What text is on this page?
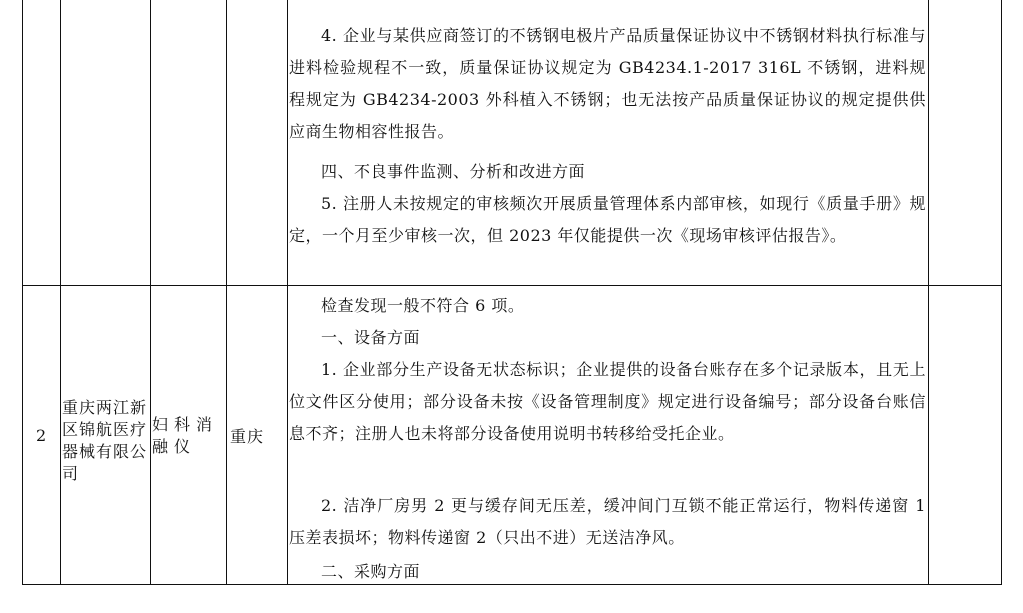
4. 企业与某供应商签订的不锈钢电极片产品质量保证协议中不锈钢材料执行标准与进料检验规程不一致，质量保证协议规定为 GB4234.1-2017 316L 不锈钢，进料规程规定为 GB4234-2003 外科植入不锈钢；也无法按产品质量保证协议的规定提供供应商生物相容性报告。
四、不良事件监测、分析和改进方面
5. 注册人未按规定的审核频次开展质量管理体系内部审核，如现行《质量手册》规定，一个月至少审核一次，但 2023 年仅能提供一次《现场审核评估报告》。
2
重庆两江新区锦航医疗器械有限公司
妇科消融仪
重庆
检查发现一般不符合 6 项。
一、设备方面
1. 企业部分生产设备无状态标识；企业提供的设备台账存在多个记录版本，且无上位文件区分使用；部分设备未按《设备管理制度》规定进行设备编号；部分设备台账信息不齐；注册人也未将部分设备使用说明书转移给受托企业。
2. 洁净厂房男 2 更与缓存间无压差，缓冲间门互锁不能正常运行，物料传递窗 1 压差表损坏；物料传递窗 2（只出不进）无送洁净风。
二、采购方面
